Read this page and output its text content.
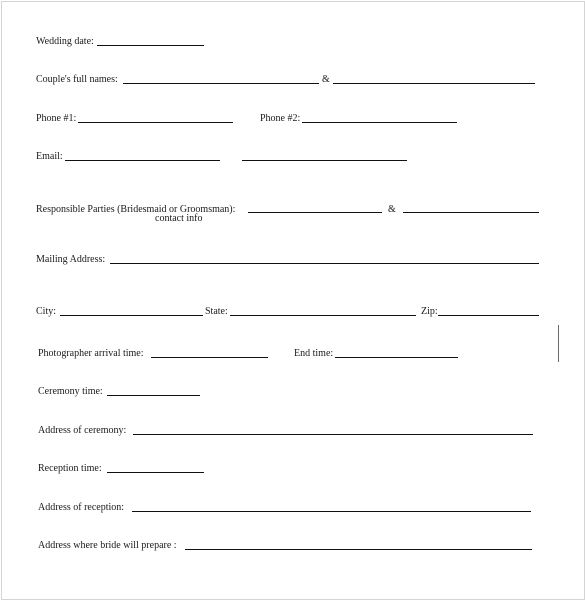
Wedding date:
Couple's full names:	&
Phone #1:	Phone #2:
Email:
Responsible Parties (Bridesmaid or Groomsman):	&
contact info
Mailing Address:
City:	State:	Zip:
Photographer arrival time:	End time:
Ceremony time:
Address of ceremony:
Reception time:
Address of reception:
Address where bride will prepare :
